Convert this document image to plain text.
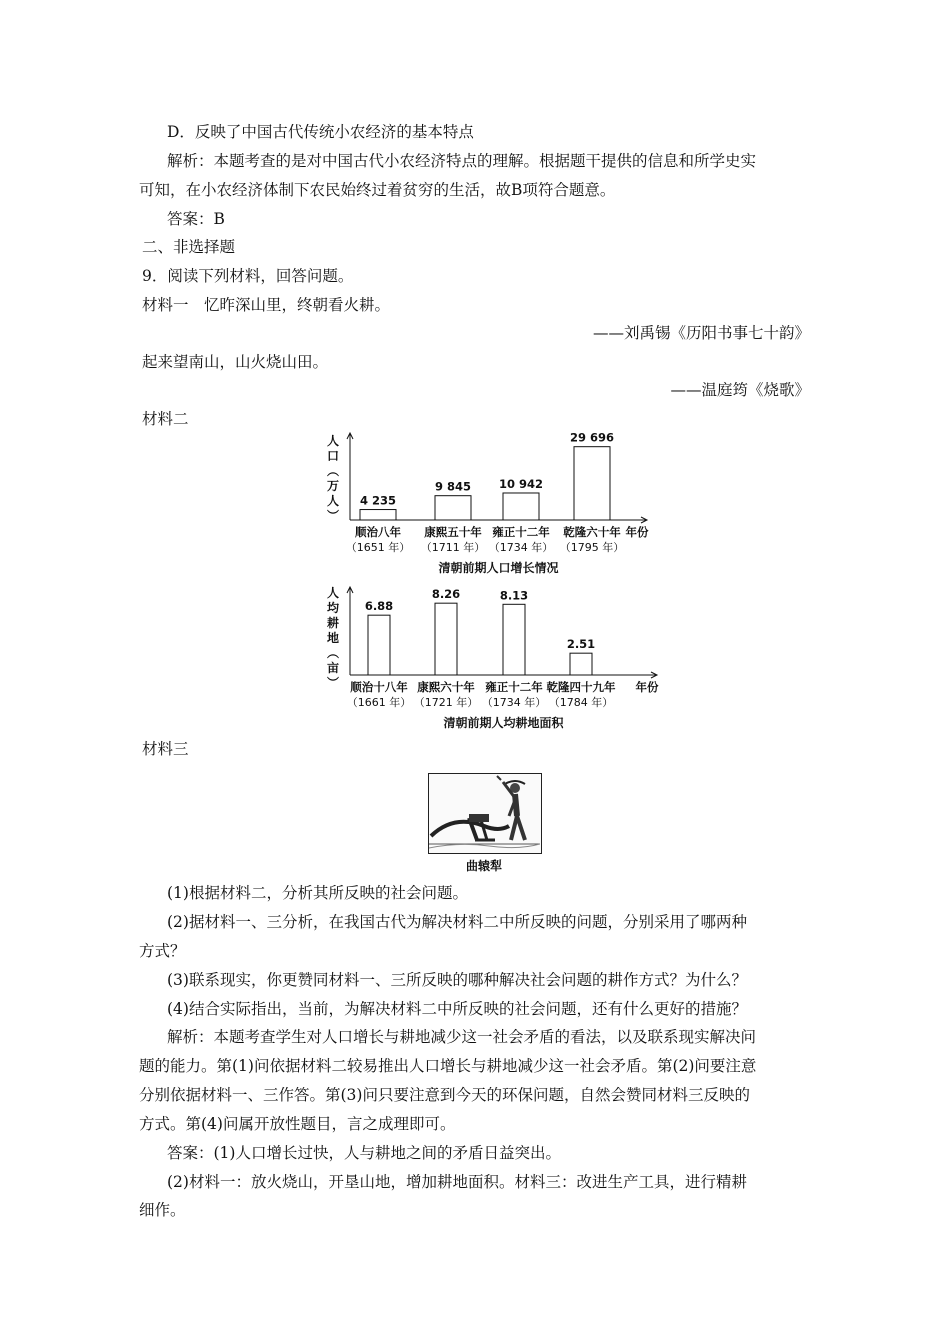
D．反映了中国古代传统小农经济的基本特点
解析：本题考查的是对中国古代小农经济特点的理解。根据题干提供的信息和所学史实
可知，在小农经济体制下农民始终过着贫穷的生活，故B项符合题意。
答案：B
二、非选择题
9．阅读下列材料，回答问题。
材料一　忆昨深山里，终朝看火耕。
——刘禹锡《历阳书事七十韵》
起来望南山，山火烧山田。
——温庭筠《烧歌》
材料二
人
口
︵
万
人
︶
4 235
顺治八年
（1651 年）
9 845
康熙五十年
（1711 年）
10 942
雍正十二年
（1734 年）
29 696
乾隆六十年
（1795 年）
年份
清朝前期人口增长情况
人
均
耕
地
︵
亩
︶
6.88
顺治十八年
（1661 年）
8.26
康熙六十年
（1721 年）
8.13
雍正十二年
（1734 年）
2.51
乾隆四十九年
（1784 年）
年份
清朝前期人均耕地面积
材料三
曲辕犁
(1)根据材料二，分析其所反映的社会问题。
(2)据材料一、三分析，在我国古代为解决材料二中所反映的问题，分别采用了哪两种
方式？
(3)联系现实，你更赞同材料一、三所反映的哪种解决社会问题的耕作方式？为什么？
(4)结合实际指出，当前，为解决材料二中所反映的社会问题，还有什么更好的措施？
解析：本题考查学生对人口增长与耕地减少这一社会矛盾的看法，以及联系现实解决问
题的能力。第(1)问依据材料二较易推出人口增长与耕地减少这一社会矛盾。第(2)问要注意
分别依据材料一、三作答。第(3)问只要注意到今天的环保问题，自然会赞同材料三反映的
方式。第(4)问属开放性题目，言之成理即可。
答案：(1)人口增长过快，人与耕地之间的矛盾日益突出。
(2)材料一：放火烧山，开垦山地，增加耕地面积。材料三：改进生产工具，进行精耕
细作。
